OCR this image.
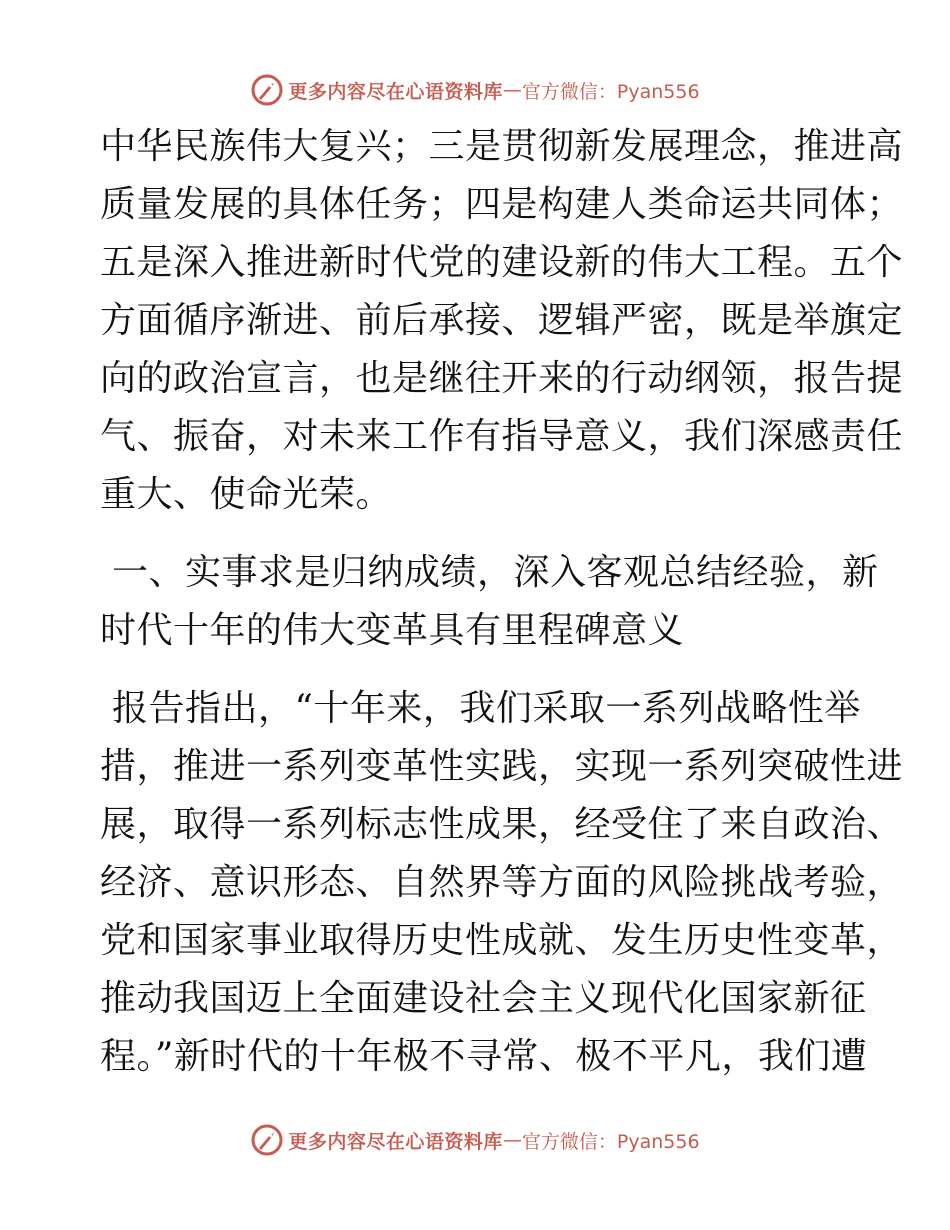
更多内容尽在心语资料库 — 官方微信：Pyan556
中华民族伟大复兴；三是贯彻新发展理念，推进高
质量发展的具体任务；四是构建人类命运共同体；
五是深入推进新时代党的建设新的伟大工程。五个
方面循序渐进、前后承接、逻辑严密，既是举旗定
向的政治宣言，也是继往开来的行动纲领，报告提
气、振奋，对未来工作有指导意义，我们深感责任
重大、使命光荣。
一、实事求是归纳成绩，深入客观总结经验，新
时代十年的伟大变革具有里程碑意义
报告指出，“十年来，我们采取一系列战略性举
措，推进一系列变革性实践，实现一系列突破性进
展，取得一系列标志性成果，经受住了来自政治、
经济、意识形态、自然界等方面的风险挑战考验，
党和国家事业取得历史性成就、发生历史性变革，
推动我国迈上全面建设社会主义现代化国家新征
程。”新时代的十年极不寻常、极不平凡，我们遭
更多内容尽在心语资料库 — 官方微信：Pyan556
